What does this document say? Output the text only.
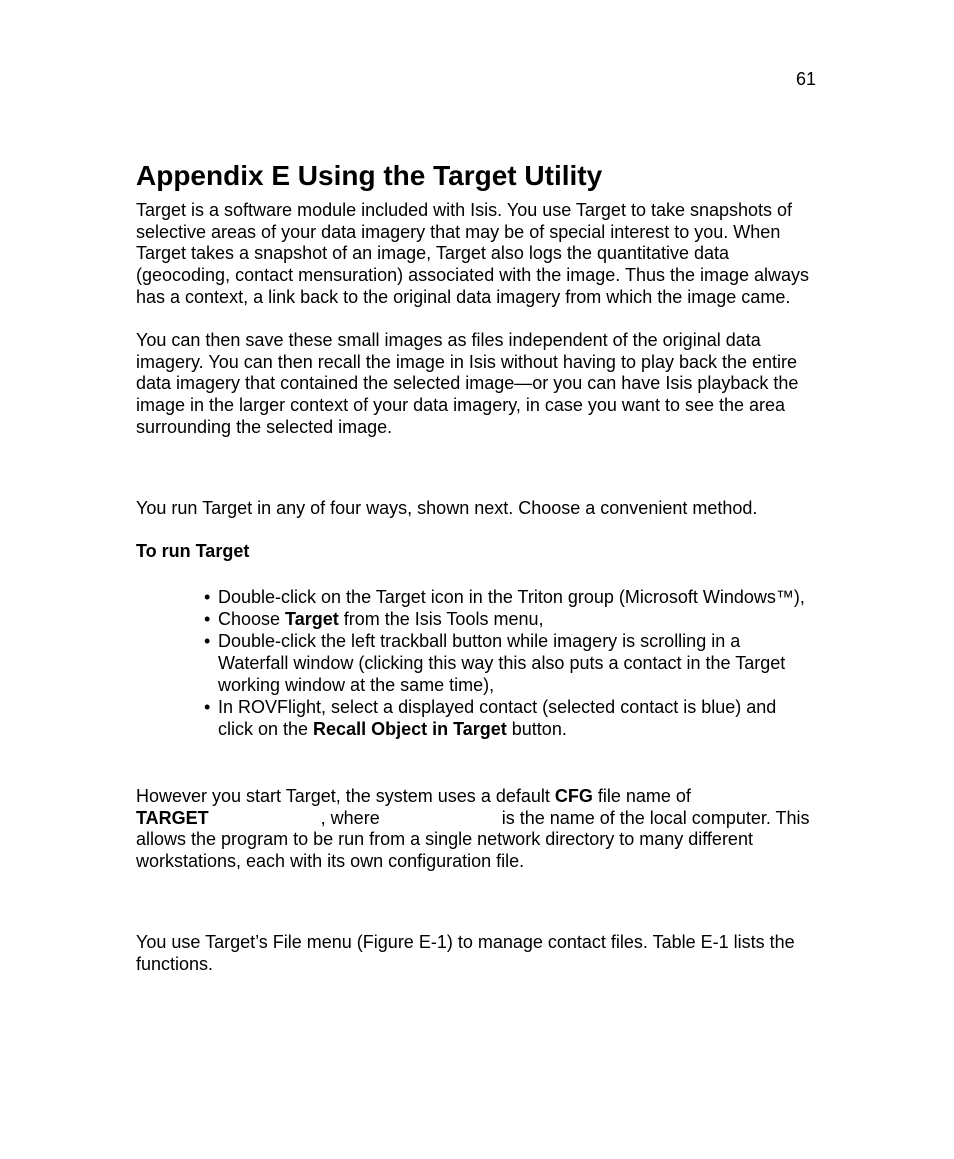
61
Appendix E Using the Target Utility

Target is a software module included with Isis. You use Target to take snapshots of selective areas of your data imagery that may be of special interest to you. When Target takes a snapshot of an image, Target also logs the quantitative data (geocoding, contact mensuration) associated with the image. Thus the image always has a context, a link back to the original data imagery from which the image came.

You can then save these small images as files independent of the original data imagery. You can then recall the image in Isis without having to play back the entire data imagery that contained the selected image—or you can have Isis playback the image in the larger context of your data imagery, in case you want to see the area surrounding the selected image.

You run Target in any of four ways, shown next. Choose a convenient method.

To run Target

• Double-click on the Target icon in the Triton group (Microsoft Windows™),
• Choose Target from the Isis Tools menu,
• Double-click the left trackball button while imagery is scrolling in a Waterfall window (clicking this way this also puts a contact in the Target working window at the same time),
• In ROVFlight, select a displayed contact (selected contact is blue) and click on the Recall Object in Target button.

However you start Target, the system uses a default CFG file name of
TARGET	, where	is the name of the local computer. This allows the program to be run from a single network directory to many different workstations, each with its own configuration file.

You use Target’s File menu (Figure E-1) to manage contact files. Table E-1 lists the functions.
